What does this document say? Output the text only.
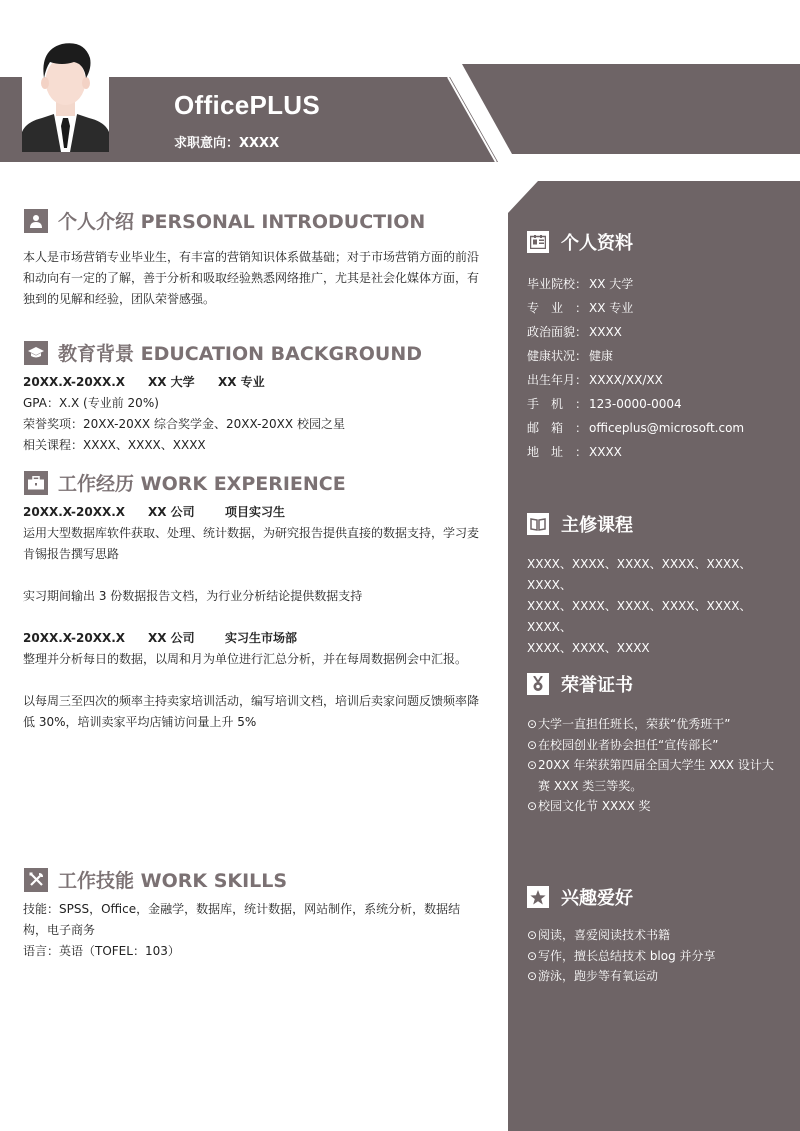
OfficePLUS
求职意向：XXXX
个人资料
毕业院校： XX 大学
专业： XX 专业
政治面貌： XXXX
健康状况： 健康
出生年月： XXXX/XX/XX
手机： 123-0000-0004
邮箱： officeplus@microsoft.com
地址： XXXX
主修课程
XXXX、XXXX、XXXX、XXXX、XXXX、XXXX、
XXXX、XXXX、XXXX、XXXX、XXXX、XXXX、
XXXX、XXXX、XXXX
荣誉证书
⊙ 大学一直担任班长，荣获“优秀班干”
⊙ 在校园创业者协会担任“宣传部长”
⊙ 20XX 年荣获第四届全国大学生 XXX 设计大
赛 XXX 类三等奖。
⊙ 校园文化节 XXXX 奖
兴趣爱好
⊙ 阅读，喜爱阅读技术书籍
⊙ 写作，擅长总结技术 blog 并分享
⊙ 游泳，跑步等有氧运动
个人介绍 PERSONAL INTRODUCTION
本人是市场营销专业毕业生，有丰富的营销知识体系做基础；对于市场营销方面的前沿
和动向有一定的了解，善于分析和吸取经验熟悉网络推广，尤其是社会化媒体方面，有
独到的见解和经验，团队荣誉感强。
教育背景 EDUCATION BACKGROUND
20XX.X-20XX.X	XX 大学	XX 专业
GPA：X.X (专业前 20%)
荣誉奖项：20XX-20XX 综合奖学金、20XX-20XX 校园之星
相关课程：XXXX、XXXX、XXXX
工作经历 WORK EXPERIENCE
20XX.X-20XX.X	XX 公司	项目实习生
运用大型数据库软件获取、处理、统计数据，为研究报告提供直接的数据支持，学习麦
肯锡报告撰写思路
实习期间输出 3 份数据报告文档，为行业分析结论提供数据支持
20XX.X-20XX.X	XX 公司	实习生市场部
整理并分析每日的数据，以周和月为单位进行汇总分析，并在每周数据例会中汇报。
以每周三至四次的频率主持卖家培训活动，编写培训文档，培训后卖家问题反馈频率降
低 30%，培训卖家平均店铺访问量上升 5%
工作技能 WORK SKILLS
技能：SPSS，Office，金融学，数据库，统计数据，网站制作，系统分析，数据结
构，电子商务
语言：英语（TOFEL：103）
